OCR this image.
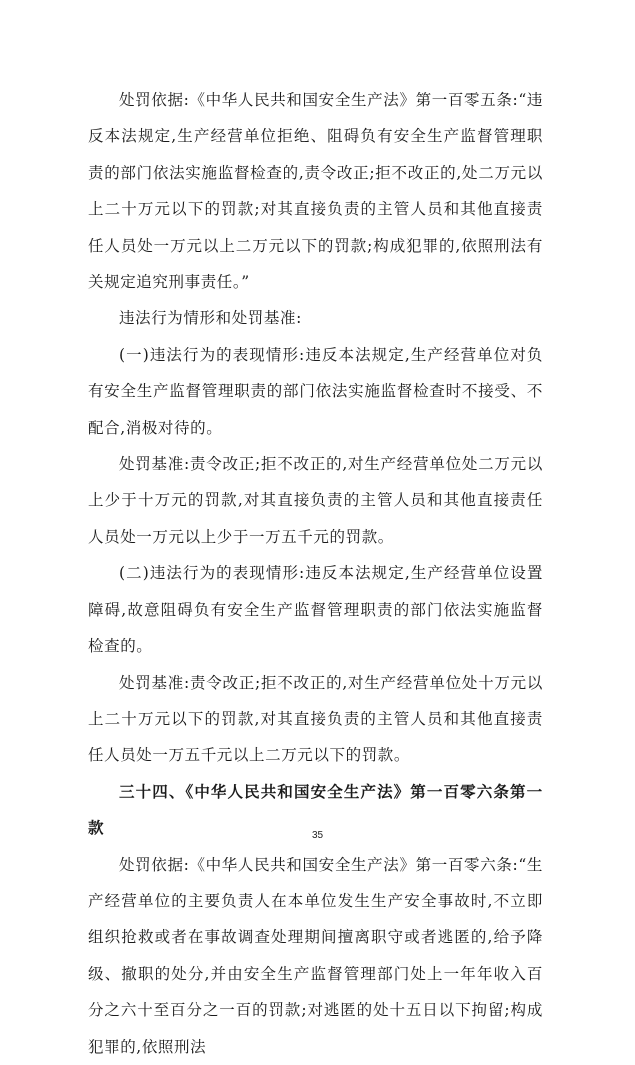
处罚依据:《中华人民共和国安全生产法》第一百零五条:“违反本法规定,生产经营单位拒绝、阻碍负有安全生产监督管理职责的部门依法实施监督检查的,责令改正;拒不改正的,处二万元以上二十万元以下的罚款;对其直接负责的主管人员和其他直接责任人员处一万元以上二万元以下的罚款;构成犯罪的,依照刑法有关规定追究刑事责任。”

违法行为情形和处罚基准:

(一)违法行为的表现情形:违反本法规定,生产经营单位对负有安全生产监督管理职责的部门依法实施监督检查时不接受、不配合,消极对待的。

处罚基准:责令改正;拒不改正的,对生产经营单位处二万元以上少于十万元的罚款,对其直接负责的主管人员和其他直接责任人员处一万元以上少于一万五千元的罚款。

(二)违法行为的表现情形:违反本法规定,生产经营单位设置障碍,故意阻碍负有安全生产监督管理职责的部门依法实施监督检查的。

处罚基准:责令改正;拒不改正的,对生产经营单位处十万元以上二十万元以下的罚款,对其直接负责的主管人员和其他直接责任人员处一万五千元以上二万元以下的罚款。

三十四、《中华人民共和国安全生产法》第一百零六条第一款

处罚依据:《中华人民共和国安全生产法》第一百零六条:“生产经营单位的主要负责人在本单位发生生产安全事故时,不立即组织抢救或者在事故调查处理期间擅离职守或者逃匿的,给予降级、撤职的处分,并由安全生产监督管理部门处上一年年收入百分之六十至百分之一百的罚款;对逃匿的处十五日以下拘留;构成犯罪的,依照刑法

35
